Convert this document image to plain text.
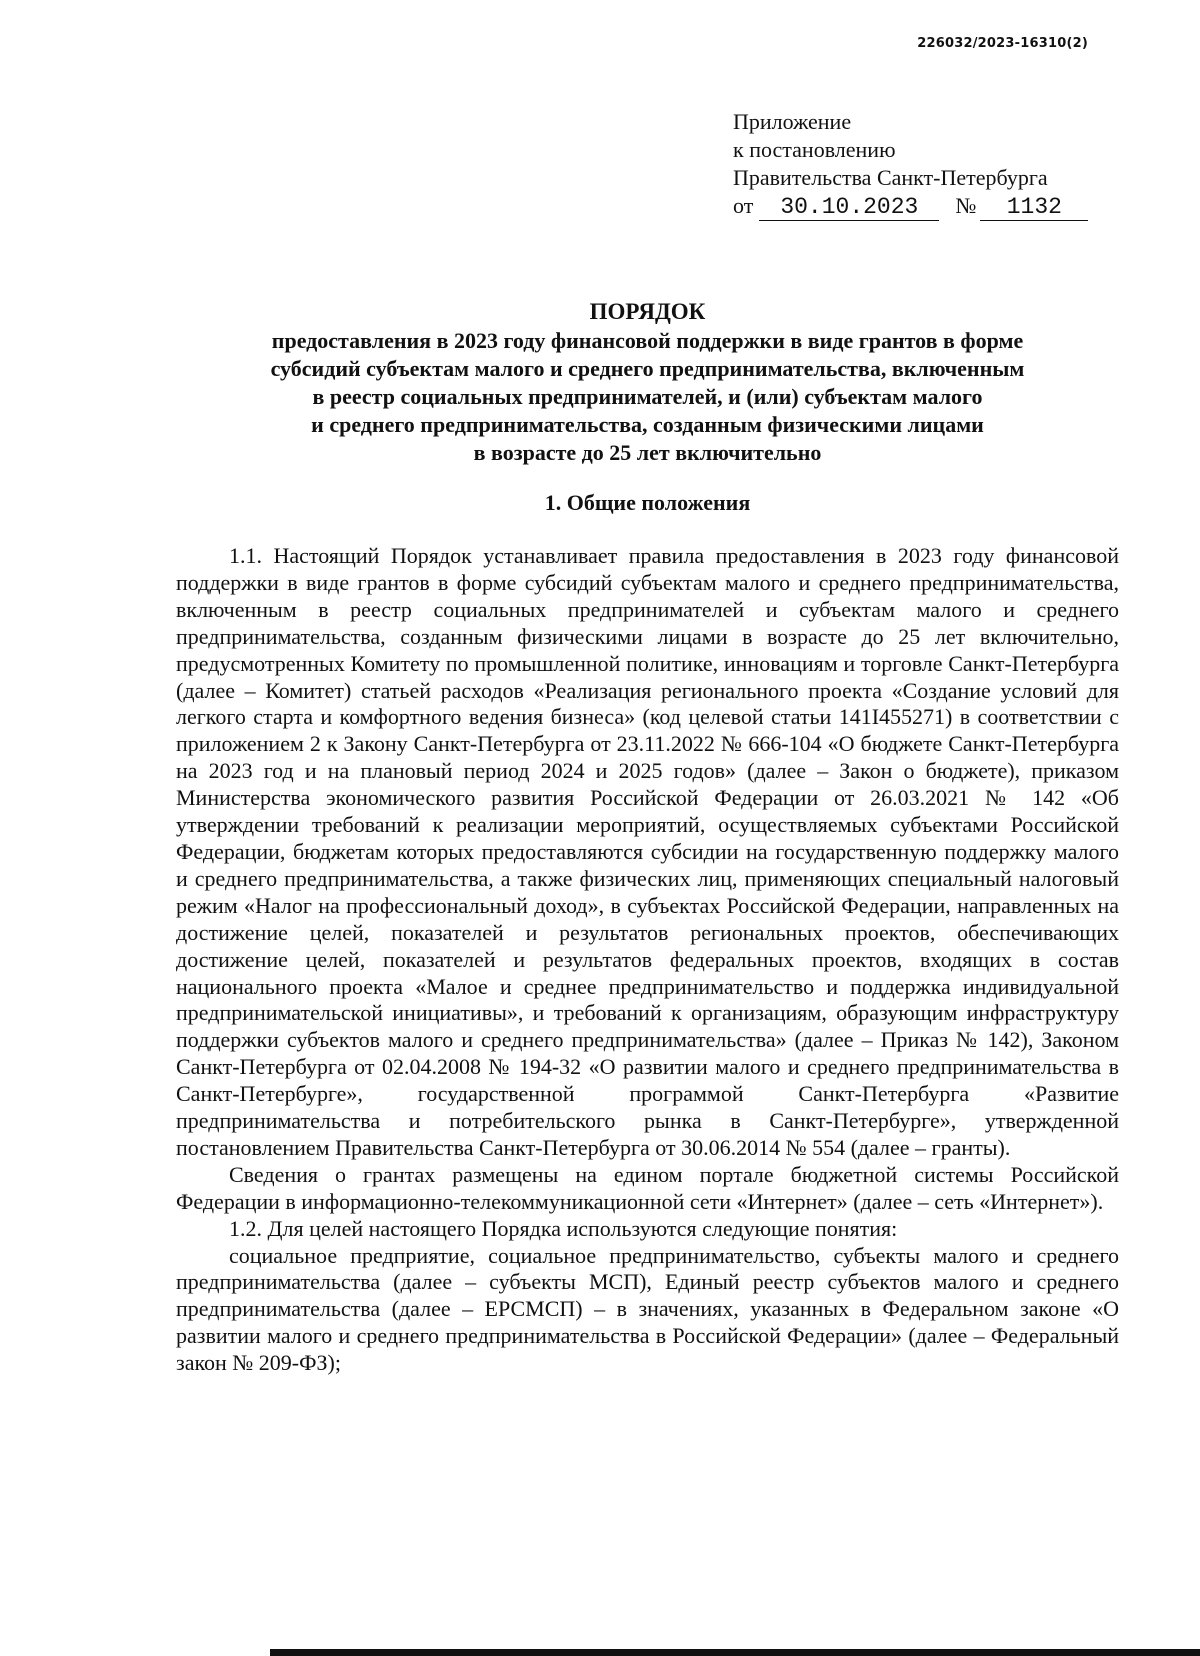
226032/2023-16310(2)
Приложение
к постановлению
Правительства Санкт-Петербурга
от	30.10.2023	№	1132
ПОРЯДОК
предоставления в 2023 году финансовой поддержки в виде грантов в форме
субсидий субъектам малого и среднего предпринимательства, включенным
в реестр социальных предпринимателей, и (или) субъектам малого
и среднего предпринимательства, созданным физическими лицами
в возрасте до 25 лет включительно
1. Общие положения

1.1. Настоящий Порядок устанавливает правила предоставления в 2023 году финансовой поддержки в виде грантов в форме субсидий субъектам малого и среднего предпринимательства, включенным в реестр социальных предпринимателей и субъектам малого и среднего предпринимательства, созданным физическими лицами в возрасте до 25 лет включительно, предусмотренных Комитету по промышленной политике, инновациям и торговле Санкт-Петербурга (далее – Комитет) статьей расходов «Реализация регионального проекта «Создание условий для легкого старта и комфортного ведения бизнеса» (код целевой статьи 141I455271) в соответствии с приложением 2 к Закону Санкт-Петербурга от 23.11.2022 № 666-104 «О бюджете Санкт-Петербурга на 2023 год и на плановый период 2024 и 2025 годов» (далее – Закон о бюджете), приказом Министерства экономического развития Российской Федерации от 26.03.2021 № 142 «Об утверждении требований к реализации мероприятий, осуществляемых субъектами Российской Федерации, бюджетам которых предоставляются субсидии на государственную поддержку малого и среднего предпринимательства, а также физических лиц, применяющих специальный налоговый режим «Налог на профессиональный доход», в субъектах Российской Федерации, направленных на достижение целей, показателей и результатов региональных проектов, обеспечивающих достижение целей, показателей и результатов федеральных проектов, входящих в состав национального проекта «Малое и среднее предпринимательство и поддержка индивидуальной предпринимательской инициативы», и требований к организациям, образующим инфраструктуру поддержки субъектов малого и среднего предпринимательства» (далее – Приказ № 142), Законом Санкт-Петербурга от 02.04.2008 № 194-32 «О развитии малого и среднего предпринимательства в Санкт-Петербурге», государственной программой Санкт-Петербурга «Развитие предпринимательства и потребительского рынка в Санкт-Петербурге», утвержденной постановлением Правительства Санкт-Петербурга от 30.06.2014 № 554 (далее – гранты).

Сведения о грантах размещены на едином портале бюджетной системы Российской Федерации в информационно-телекоммуникационной сети «Интернет» (далее – сеть «Интернет»).

1.2. Для целей настоящего Порядка используются следующие понятия:

социальное предприятие, социальное предпринимательство, субъекты малого и среднего предпринимательства (далее – субъекты МСП), Единый реестр субъектов малого и среднего предпринимательства (далее – ЕРСМСП) – в значениях, указанных в Федеральном законе «О развитии малого и среднего предпринимательства в Российской Федерации» (далее – Федеральный закон № 209-ФЗ);
